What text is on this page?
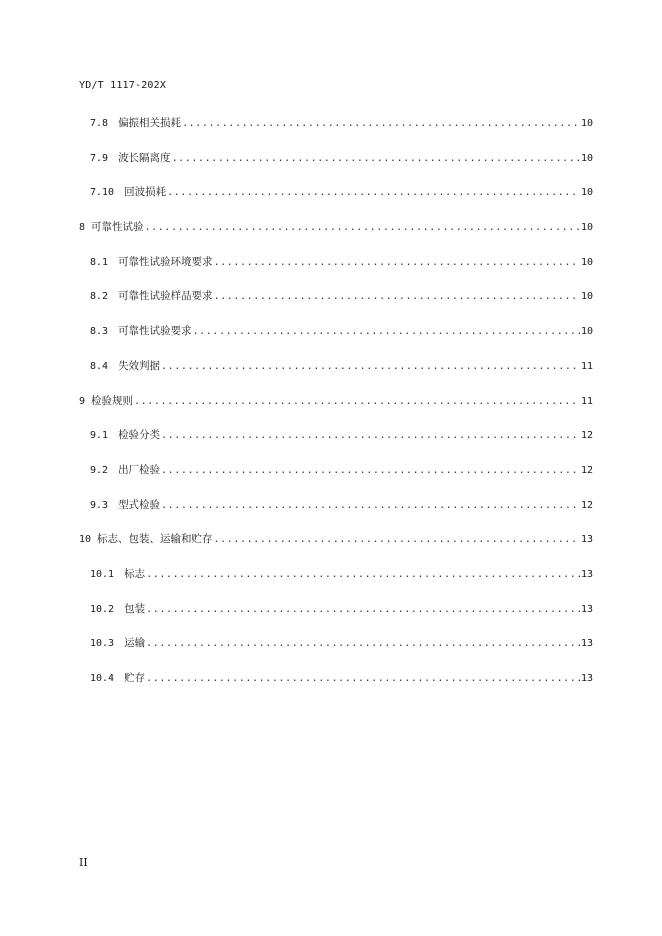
YD/T 1117-202X
7.8 偏振相关损耗 .....	10
7.9 波长隔离度 .....	10
7.10 回波损耗 .....	10
8 可靠性试验 .....	10
8.1 可靠性试验环境要求 .....	10
8.2 可靠性试验样品要求 .....	10
8.3 可靠性试验要求 .....	10
8.4 失效判据 .....	11
9 检验规则 .....	11
9.1 检验分类 .....	12
9.2 出厂检验 .....	12
9.3 型式检验 .....	12
10 标志、包装、运输和贮存 .....	13
10.1 标志 .....	13
10.2 包装 .....	13
10.3 运输 .....	13
10.4 贮存 .....	13
II
